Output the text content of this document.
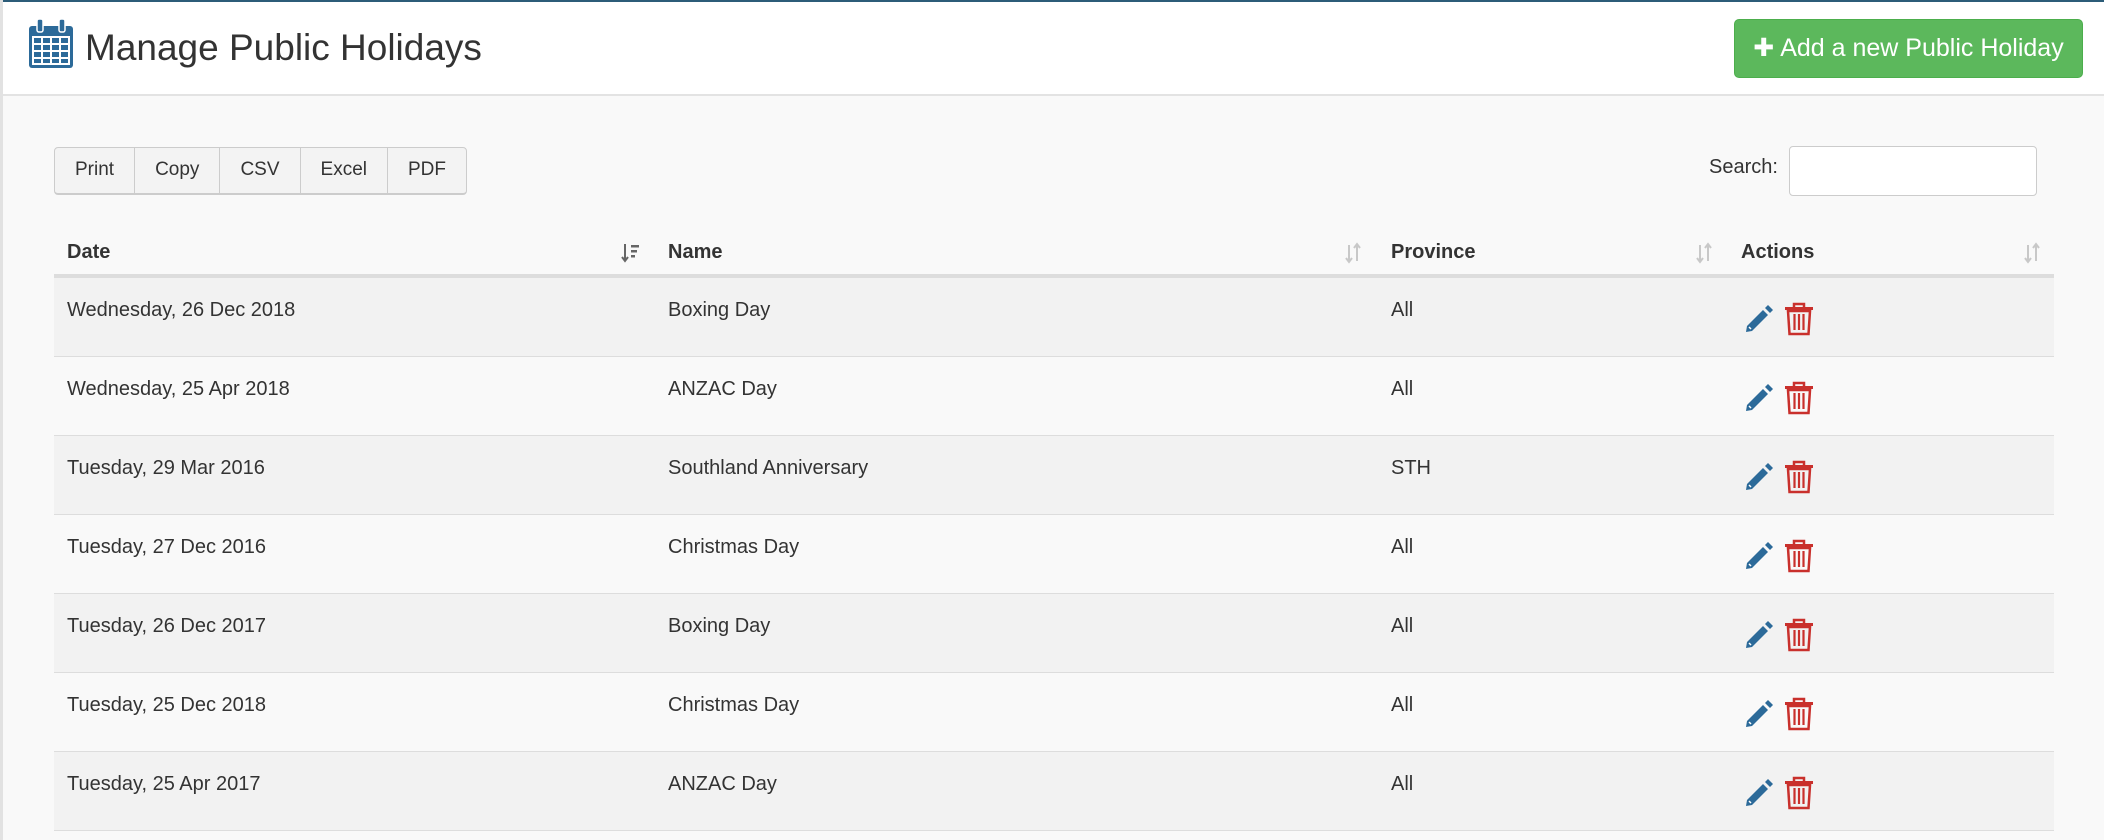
Manage Public Holidays	✚ Add a new Public Holiday
Print	Copy	CSV	Excel	PDF	Search:
Date	Name	Province	Actions
Wednesday, 26 Dec 2018	Boxing Day	All
Wednesday, 25 Apr 2018	ANZAC Day	All
Tuesday, 29 Mar 2016	Southland Anniversary	STH
Tuesday, 27 Dec 2016	Christmas Day	All
Tuesday, 26 Dec 2017	Boxing Day	All
Tuesday, 25 Dec 2018	Christmas Day	All
Tuesday, 25 Apr 2017	ANZAC Day	All
